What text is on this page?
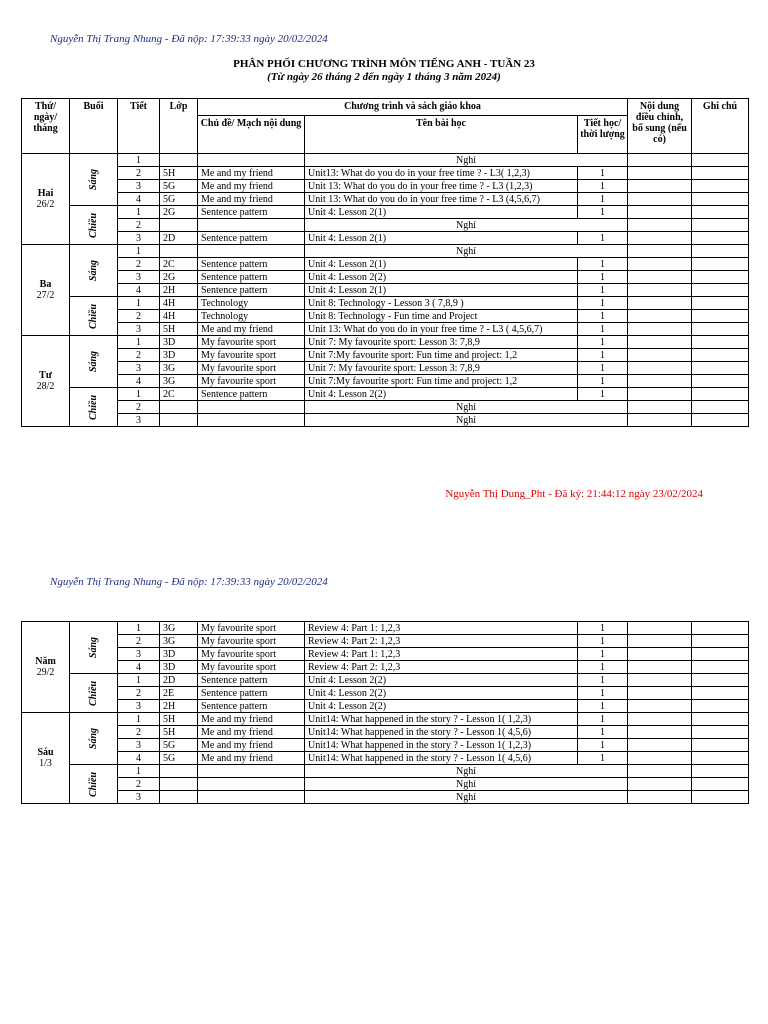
Nguyễn Thị Trang Nhung - Đã nộp: 17:39:33 ngày 20/02/2024
PHÂN PHỐI CHƯƠNG TRÌNH MÔN TIẾNG ANH - TUẦN 23
(Từ ngày 26 tháng 2 đến ngày 1 tháng 3 năm 2024)
Thứ/ ngày/ tháng	Buổi	Tiết	Lớp	Chương trình và sách giáo khoa			Nội dung điều chỉnh, bổ sung (nếu có)	Ghi chú
				Chủ đề/ Mạch nội dung	Tên bài học	Tiết học/ thời lượng		
Hai
26/2	Sáng	1			Nghỉ			
		2	5H	Me and my friend	Unit13: What do you do in your free time ? - L3( 1,2,3)	1		
		3	5G	Me and my friend	Unit 13: What do you do in your free time ? - L3 (1,2,3)	1		
		4	5G	Me and my friend	Unit 13: What do you do in your free time ? - L3 (4,5,6,7)	1		
	Chiều	1	2G	Sentence pattern	Unit 4: Lesson 2(1)	1		
		2			Nghỉ			
		3	2D	Sentence pattern	Unit 4: Lesson 2(1)	1		
Ba
27/2	Sáng	1			Nghỉ			
		2	2C	Sentence pattern	Unit 4: Lesson 2(1)	1		
		3	2G	Sentence pattern	Unit 4: Lesson 2(2)	1		
		4	2H	Sentence pattern	Unit 4: Lesson 2(1)	1		
	Chiều	1	4H	Technology	Unit 8: Technology - Lesson 3 ( 7,8,9 )	1		
		2	4H	Technology	Unit 8: Technology - Fun time and Project	1		
		3	5H	Me and my friend	Unit 13: What do you do in your free time ? - L3 ( 4,5,6,7)	1		
Tư
28/2	Sáng	1	3D	My favourite sport	Unit 7: My favourite sport: Lesson 3: 7,8,9	1		
		2	3D	My favourite sport	Unit 7:My favourite sport: Fun time and project: 1,2	1		
		3	3G	My favourite sport	Unit 7: My favourite sport: Lesson 3: 7,8,9	1		
		4	3G	My favourite sport	Unit 7:My favourite sport: Fun time and project: 1,2	1		
	Chiều	1	2C	Sentence pattern	Unit 4: Lesson 2(2)	1		
		2			Nghỉ			
		3			Nghỉ			
Nguyễn Thị Dung_Pht - Đã ký: 21:44:12 ngày 23/02/2024
Nguyễn Thị Trang Nhung - Đã nộp: 17:39:33 ngày 20/02/2024
Năm
29/2	Sáng	1	3G	My favourite sport	Review 4: Part 1: 1,2,3	1		
		2	3G	My favourite sport	Review 4: Part 2: 1,2,3	1		
		3	3D	My favourite sport	Review 4: Part 1: 1,2,3	1		
		4	3D	My favourite sport	Review 4: Part 2: 1,2,3	1		
	Chiều	1	2D	Sentence pattern	Unit 4: Lesson 2(2)	1		
		2	2E	Sentence pattern	Unit 4: Lesson 2(2)	1		
		3	2H	Sentence pattern	Unit 4: Lesson 2(2)	1		
Sáu
1/3	Sáng	1	5H	Me and my friend	Unit14: What happened in the story ? - Lesson 1( 1,2,3)	1		
		2	5H	Me and my friend	Unit14: What happened in the story ? - Lesson 1( 4,5,6)	1		
		3	5G	Me and my friend	Unit14: What happened in the story ? - Lesson 1( 1,2,3)	1		
		4	5G	Me and my friend	Unit14: What happened in the story ? - Lesson 1( 4,5,6)	1		
	Chiều	1			Nghỉ			
		2			Nghỉ			
		3			Nghỉ			
